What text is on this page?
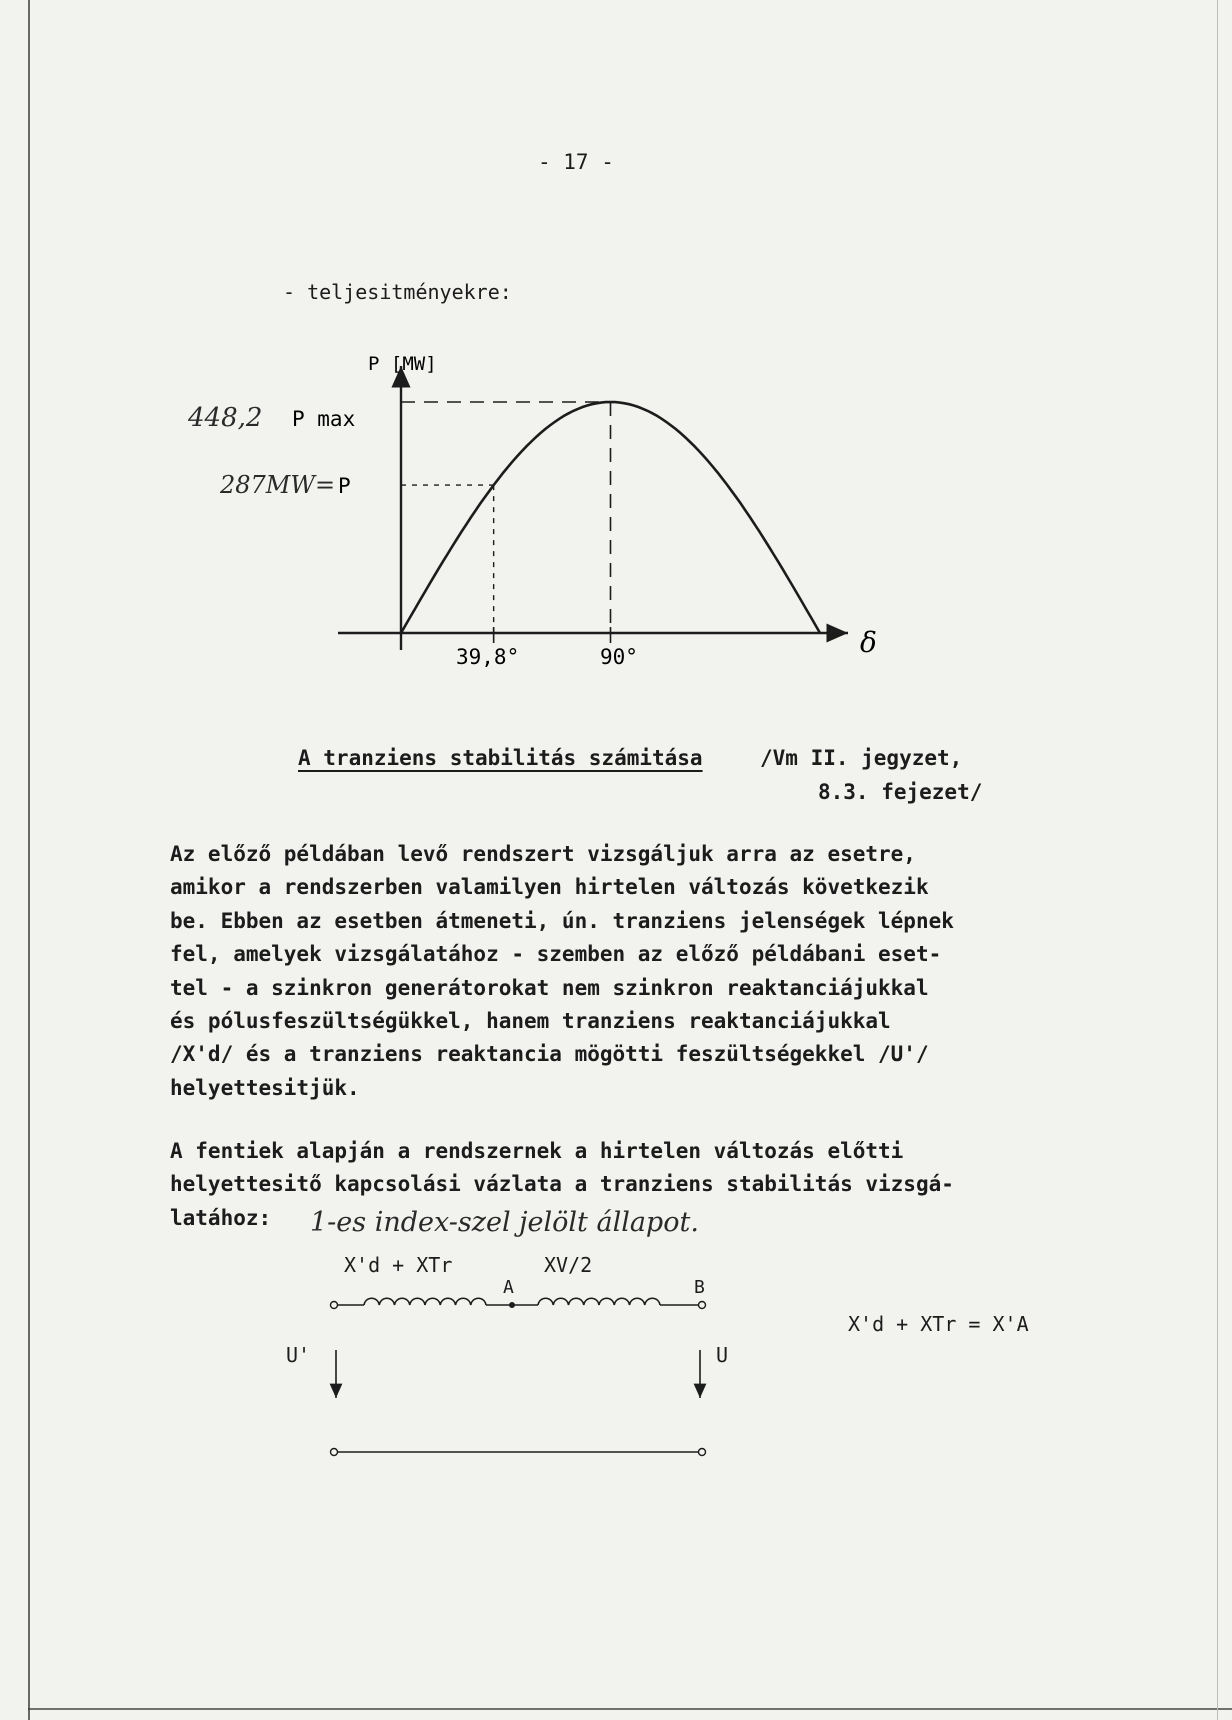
- 17 -
- teljesitményekre:
P [MW]
δ
39,8°	90°
448,2 P max
287MW= P
A tranziens stabilitás számitása	/Vm II. jegyzet,
8.3. fejezet/
Az előző példában levő rendszert vizsgáljuk arra az esetre,
amikor a rendszerben valamilyen hirtelen változás következik
be. Ebben az esetben átmeneti, ún. tranziens jelenségek lépnek
fel, amelyek vizsgálatához - szemben az előző példábani eset-
tel - a szinkron generátorokat nem szinkron reaktanciájukkal
és pólusfeszültségükkel, hanem tranziens reaktanciájukkal
/X'd/ és a tranziens reaktancia mögötti feszültségekkel /U'/
helyettesitjük.
A fentiek alapján a rendszernek a hirtelen változás előtti
helyettesitő kapcsolási vázlata a tranziens stabilitás vizsgá-
latához:	1-es index-szel jelölt állapot.
X'd + XTr	XV/2
A	B
U'	U
X'd + XTr = X'A
